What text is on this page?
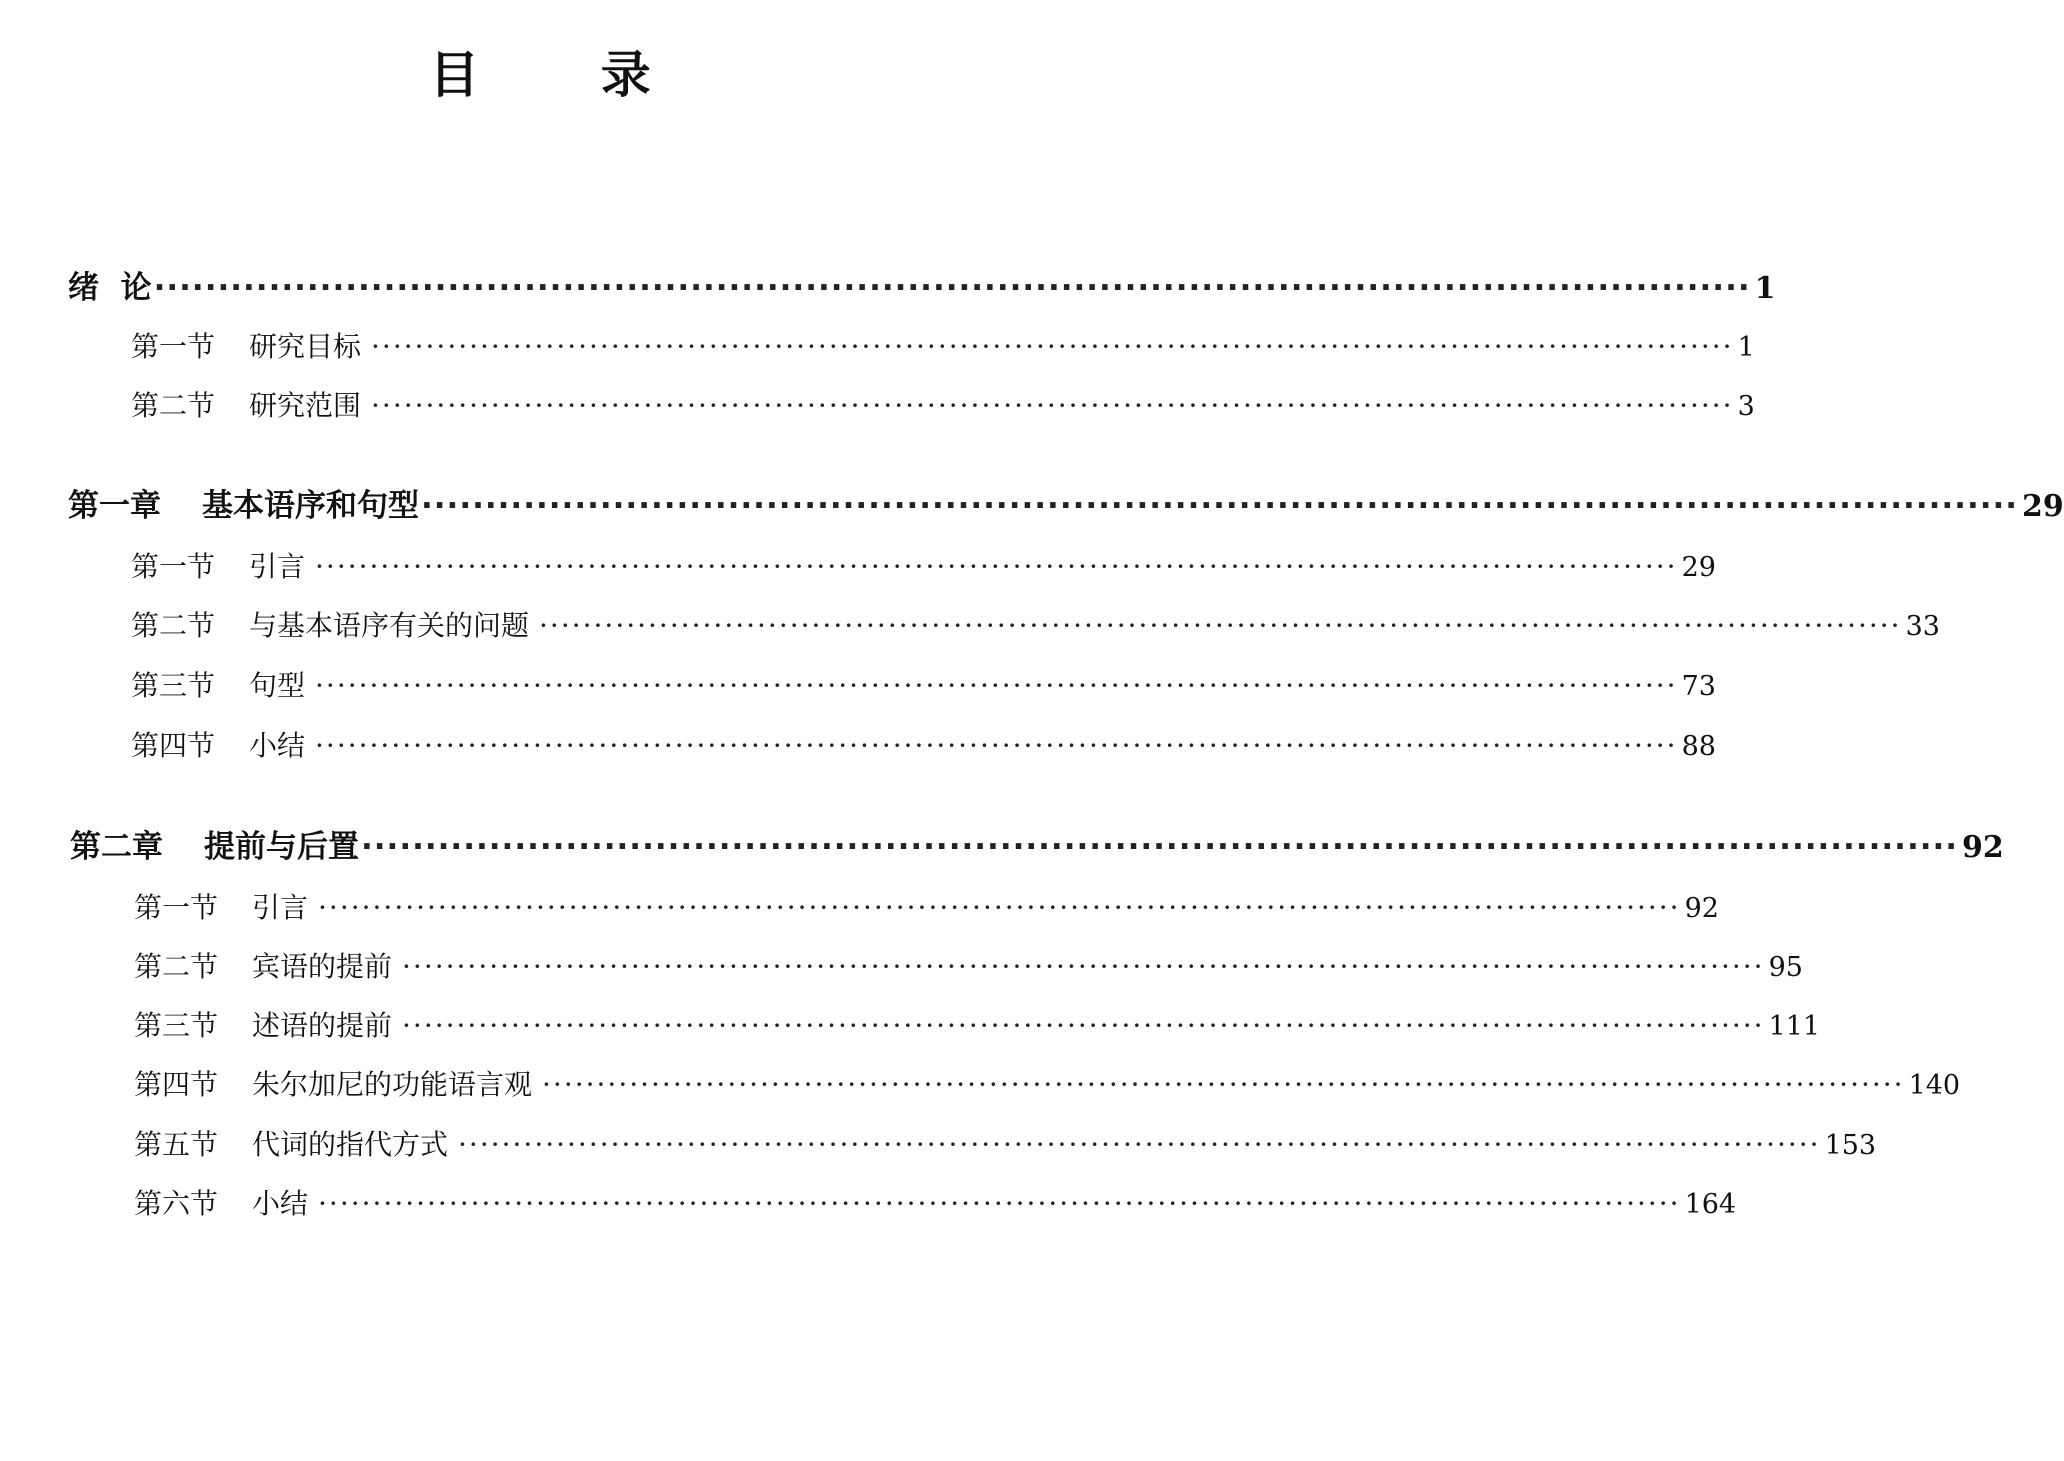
目 录
绪  论 ····························································································································· 1
第一节	研究目标 ····························································································································· 1
第二节	研究范围 ····························································································································· 3
第一章	基本语序和句型 ····························································································································· 29
第一节	引言 ····························································································································· 29
第二节	与基本语序有关的问题 ····························································································································· 33
第三节	句型 ····························································································································· 73
第四节	小结 ····························································································································· 88
第二章	提前与后置 ····························································································································· 92
第一节	引言 ····························································································································· 92
第二节	宾语的提前 ····························································································································· 95
第三节	述语的提前 ····························································································································· 111
第四节	朱尔加尼的功能语言观 ····························································································································· 140
第五节	代词的指代方式 ····························································································································· 153
第六节	小结 ····························································································································· 164
